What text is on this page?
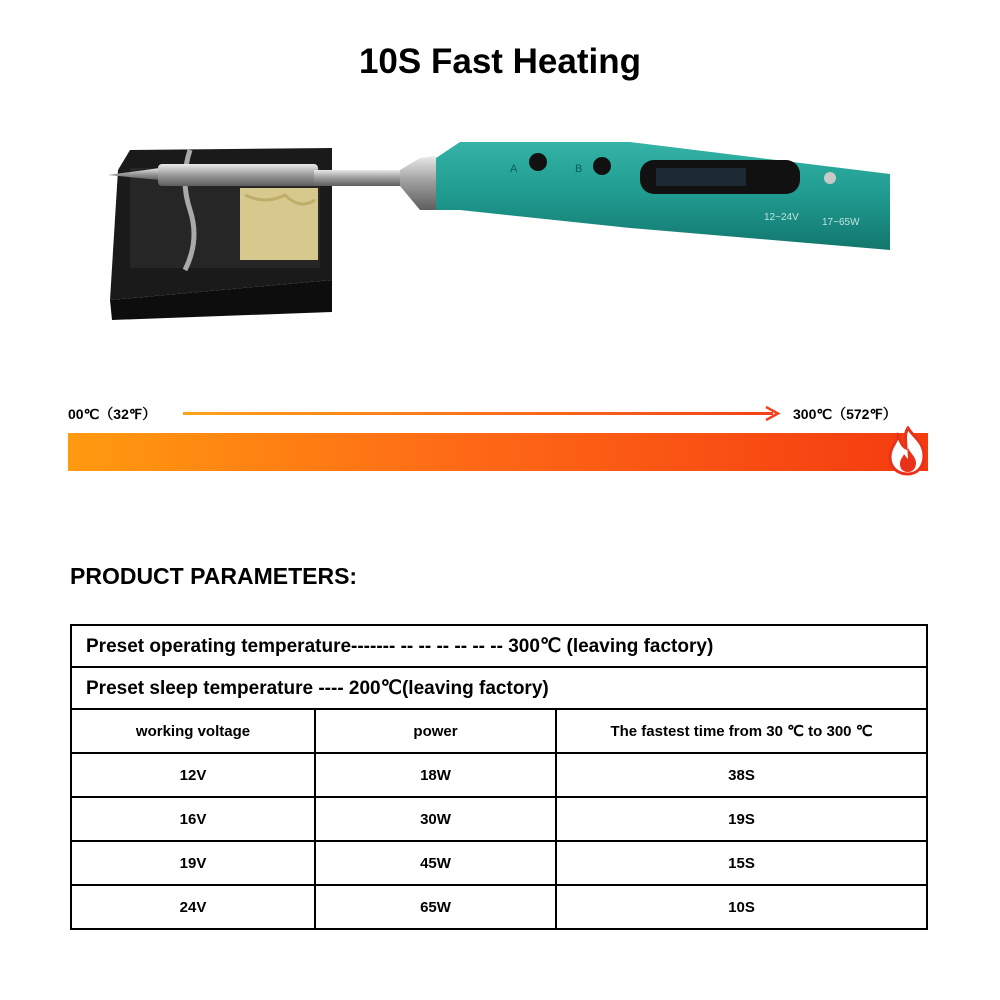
10S Fast Heating
A	B
12~24V 17~65W
00℃（32℉）	300℃（572℉）
PRODUCT PARAMETERS:
Preset operating temperature------- -- -- -- -- -- -- 300℃ (leaving factory)		
Preset sleep temperature ---- 200℃(leaving factory)		
working voltage	power	The fastest time from 30 ℃ to 300 ℃
12V	18W	38S
16V	30W	19S
19V	45W	15S
24V	65W	10S
